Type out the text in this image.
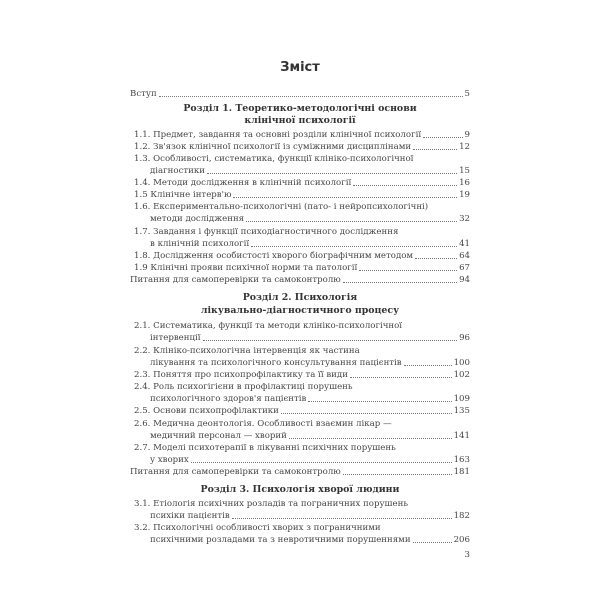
Зміст
Вступ	5
Розділ 1. Теоретико-методологічні основи
клінічної психології
1.1. Предмет, завдання та основні розділи клінічної психології	9
1.2. Зв'язок клінічної психології із суміжними дисциплінами	12
1.3. Особливості, систематика, функції клініко-психологічної
діагностики	15
1.4. Методи дослідження в клінічній психології	16
1.5 Клінічне інтерв'ю	19
1.6. Експериментально-психологічні (пато- і нейропсихологічні)
методи дослідження	32
1.7. Завдання і функції психодіагностичного дослідження
в клінічній психології	41
1.8. Дослідження особистості хворого біографічним методом	64
1.9 Клінічні прояви психічної норми та патології	67
Питання для самоперевірки та самоконтролю	94
Розділ 2. Психологія
лікувально-діагностичного процесу
2.1. Систематика, функції та методи клініко-психологічної
інтервенції	96
2.2. Клініко-психологічна інтервенція як частина
лікування та психологічного консультування пацієнтів	100
2.3. Поняття про психопрофілактику та її види	102
2.4. Роль психогігієни в профілактиці порушень
психологічного здоров'я пацієнтів	109
2.5. Основи психопрофілактики	135
2.6. Медична деонтологія. Особливості взаємин лікар —
медичний персонал — хворий	141
2.7. Моделі психотерапії в лікуванні психічних порушень
у хворих	163
Питання для самоперевірки та самоконтролю	181
Розділ 3. Психологія хворої людини
3.1. Етіологія психічних розладів та пограничних порушень
психіки пацієнтів	182
3.2. Психологічні особливості хворих з пограничними
психічними розладами та з невротичними порушеннями	206
3
